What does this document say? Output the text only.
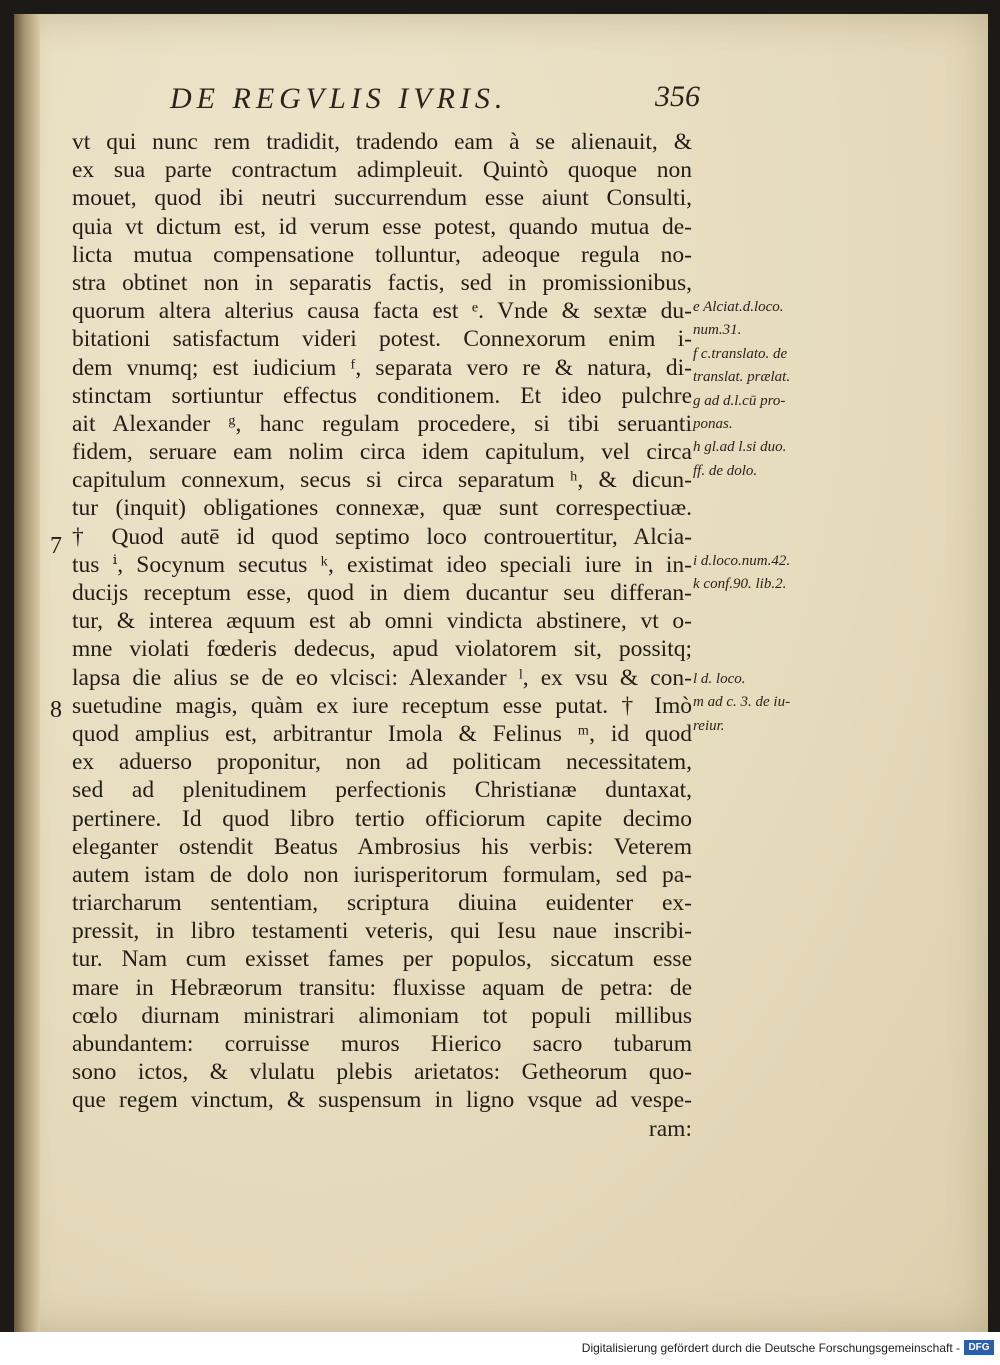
DE REGVLIS IVRIS.	356
vt qui nunc rem tradidit, tradendo eam à se alienauit, &
ex sua parte contractum adimpleuit. Quintò quoque non
mouet, quod ibi neutri succurrendum esse aiunt Consulti,
quia vt dictum est, id verum esse potest, quando mutua de-
licta mutua compensatione tolluntur, adeoque regula no-
stra obtinet non in separatis factis, sed in promissionibus,
quorum altera alterius causa facta est ᵉ. Vnde & sextæ du-
bitationi satisfactum videri potest. Connexorum enim i-
dem vnumq; est iudicium ᶠ, separata vero re & natura, di-
stinctam sortiuntur effectus conditionem. Et ideo pulchre
ait Alexander ᵍ, hanc regulam procedere, si tibi seruanti
fidem, seruare eam nolim circa idem capitulum, vel circa
capitulum connexum, secus si circa separatum ʰ, & dicun-
tur (inquit) obligationes connexæ, quæ sunt correspectiuæ.
† Quod autē id quod septimo loco controuertitur, Alcia-
tus ⁱ, Socynum secutus ᵏ, existimat ideo speciali iure in in-
ducijs receptum esse, quod in diem ducantur seu differan-
tur, & interea æquum est ab omni vindicta abstinere, vt o-
mne violati fœderis dedecus, apud violatorem sit, possitq;
lapsa die alius se de eo vlcisci: Alexander ˡ, ex vsu & con-
suetudine magis, quàm ex iure receptum esse putat. † Imò
quod amplius est, arbitrantur Imola & Felinus ᵐ, id quod
ex aduerso proponitur, non ad politicam necessitatem,
sed ad plenitudinem perfectionis Christianæ duntaxat,
pertinere. Id quod libro tertio officiorum capite decimo
eleganter ostendit Beatus Ambrosius his verbis: Veterem
autem istam de dolo non iurisperitorum formulam, sed pa-
triarcharum sententiam, scriptura diuina euidenter ex-
pressit, in libro testamenti veteris, qui Iesu naue inscribi-
tur. Nam cum exisset fames per populos, siccatum esse
mare in Hebræorum transitu: fluxisse aquam de petra: de
cœlo diurnam ministrari alimoniam tot populi millibus
abundantem: corruisse muros Hierico sacro tubarum
sono ictos, & vlulatu plebis arietatos: Getheorum quo-
que regem vinctum, & suspensum in ligno vsque ad vespe-
ram:
7
8
e Alciat.d.loco.
num.31.
f c.translato. de
translat. prælat.
g ad d.l.cū pro-
ponas.
h gl.ad l.si duo.
ff. de dolo.
i d.loco.num.42.
k conf.90. lib.2.
l d. loco.
m ad c. 3. de iu-
reiur.
Digitalisierung gefördert durch die Deutsche Forschungsgemeinschaft - DFG
